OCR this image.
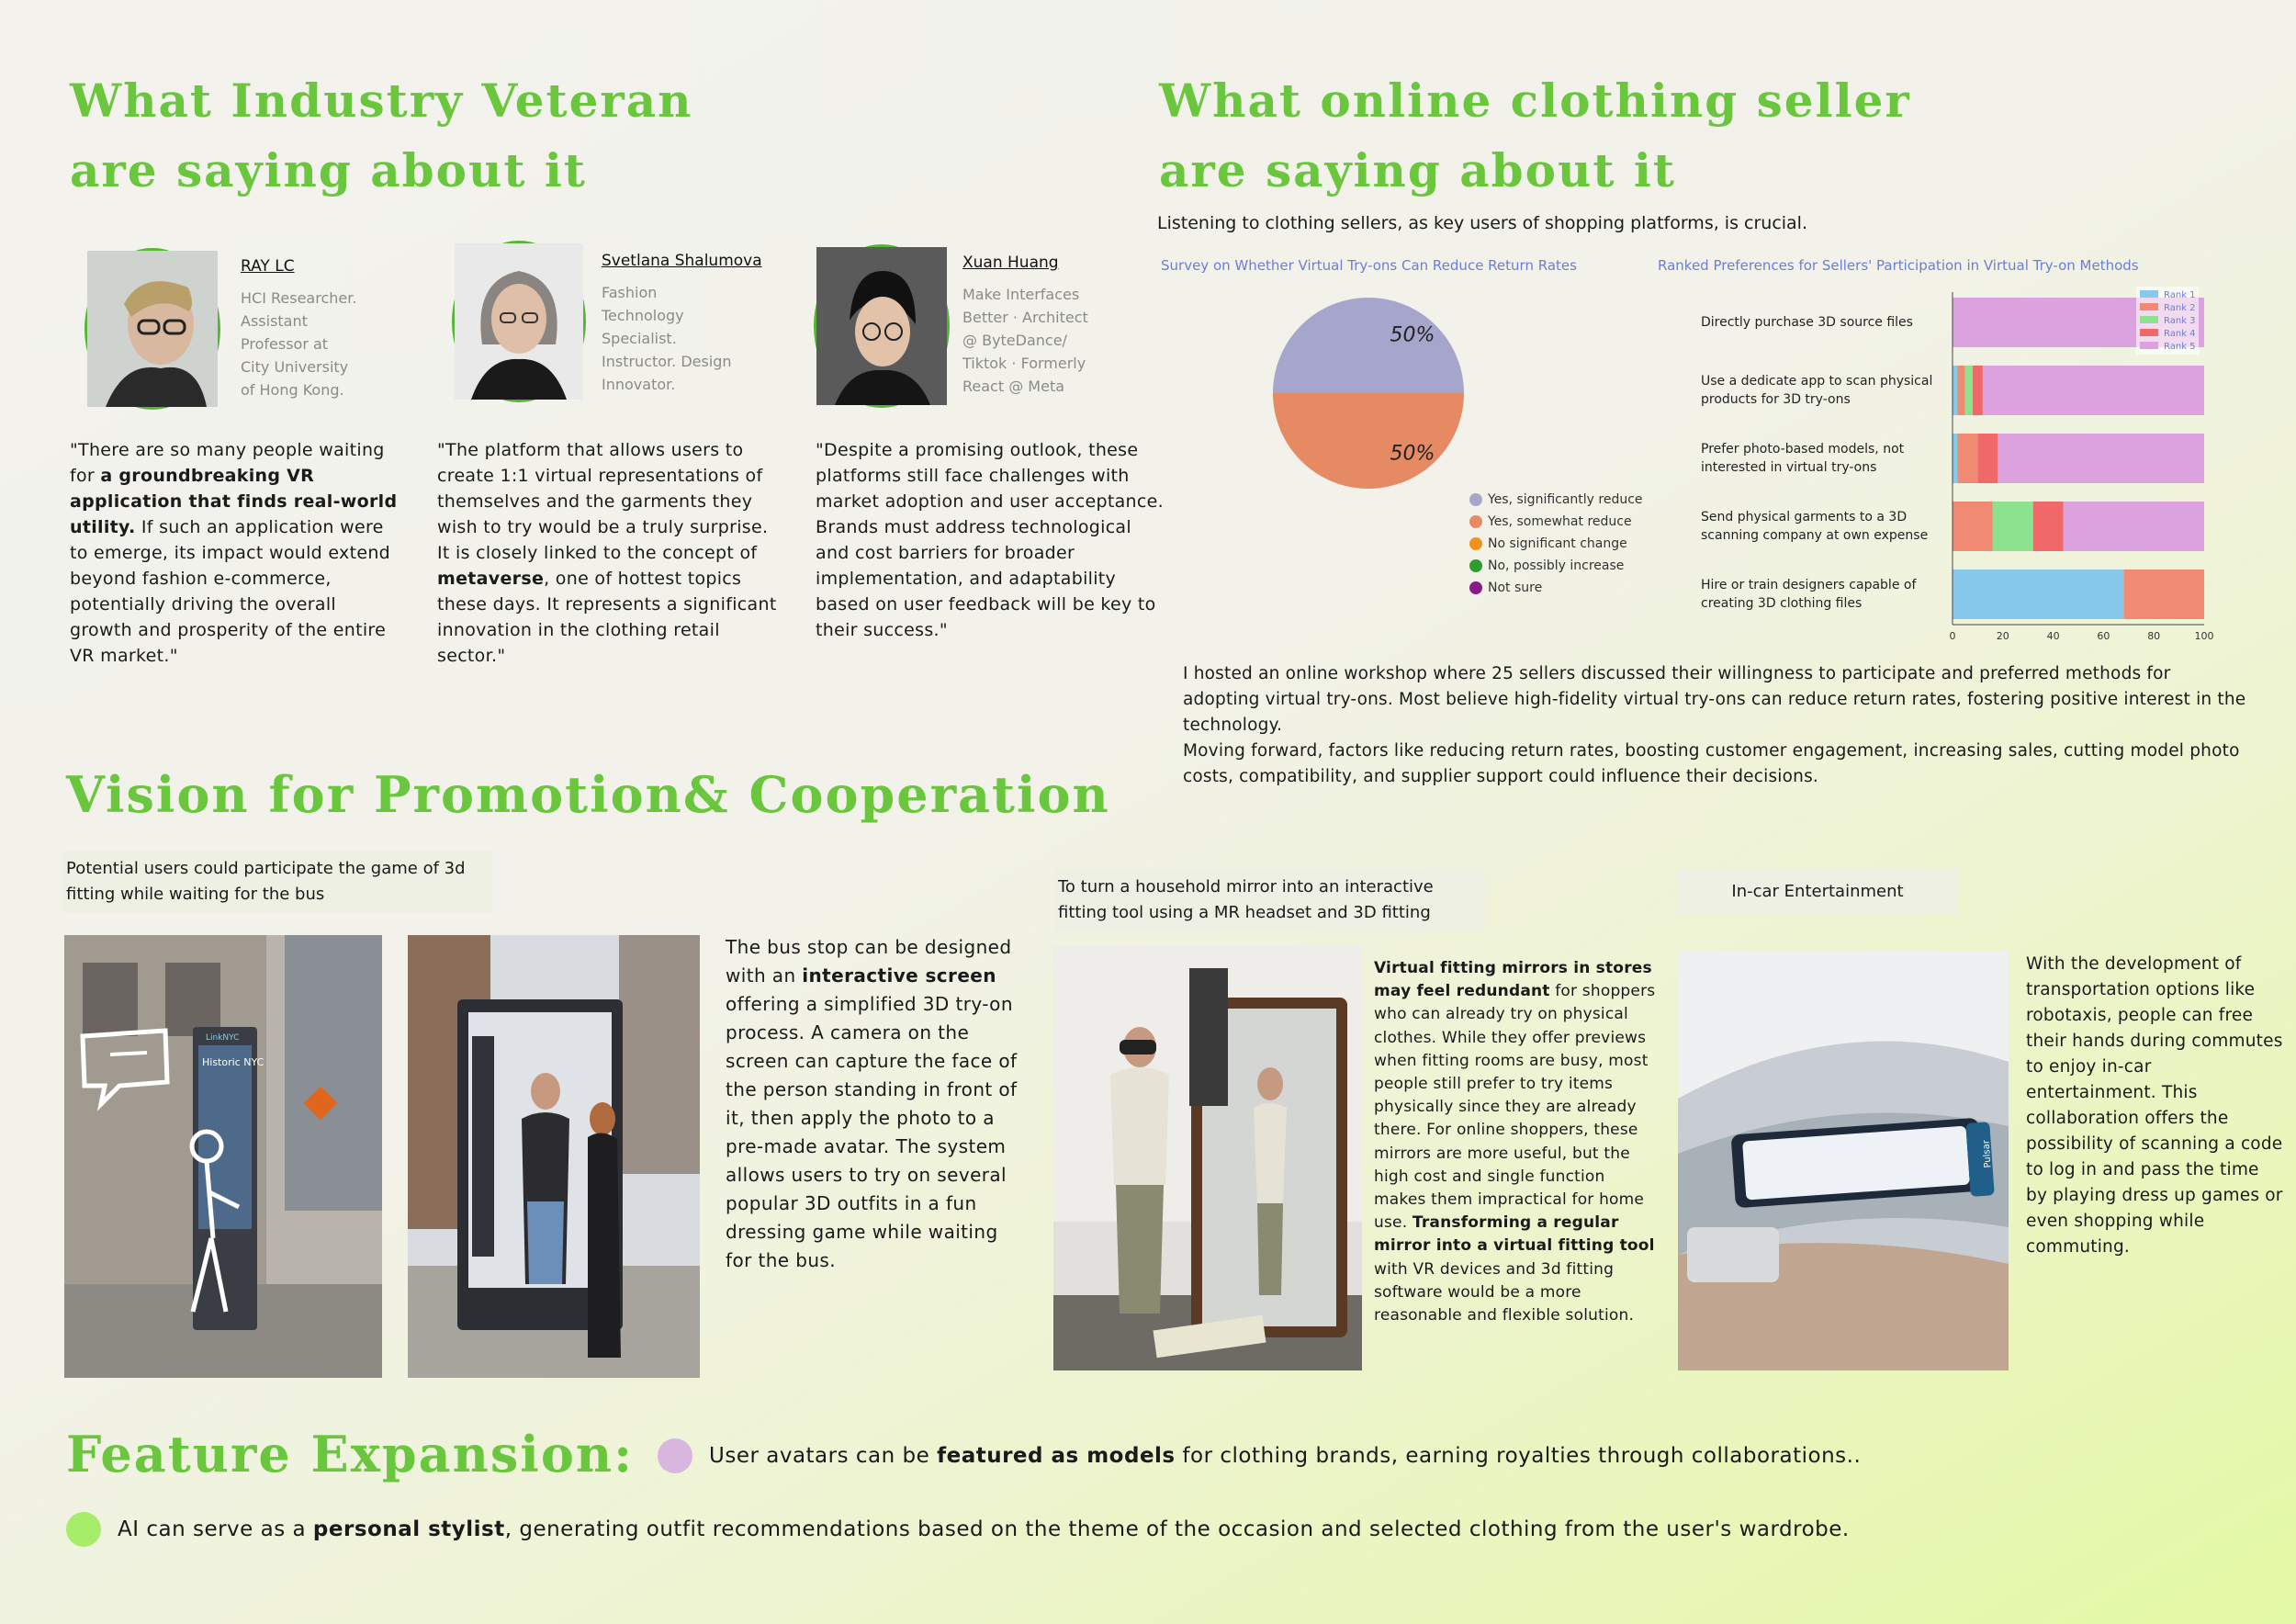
What Industry Veteran

are saying about it

What online clothing seller

are saying about it

RAY LC
HCI Researcher.
Assistant
Professor at
City University
of Hong Kong.
"There are so many people waiting for a groundbreaking VR application that finds real-world utility. If such an application were to emerge, its impact would extend beyond fashion e-commerce, potentially driving the overall growth and prosperity of the entire VR market."
Svetlana Shalumova
Fashion
Technology
Specialist.
Instructor. Design
Innovator.
"The platform that allows users to create 1:1 virtual representations of themselves and the garments they wish to try would be a truly surprise. It is closely linked to the concept of metaverse, one of hottest topics these days. It represents a significant innovation in the clothing retail sector."
Xuan Huang
Make Interfaces
Better · Architect
@ ByteDance/
Tiktok · Formerly
React @ Meta
"Despite a promising outlook, these platforms still face challenges with market adoption and user acceptance. Brands must address technological and cost barriers for broader implementation, and adaptability based on user feedback will be key to their success."
Listening to clothing sellers, as key users of shopping platforms, is crucial.
Survey on Whether Virtual Try-ons Can Reduce Return Rates
50%
50%
Yes, significantly reduce
Yes, somewhat reduce
No significant change
No, possibly increase
Not sure
Ranked Preferences for Sellers' Participation in Virtual Try-on Methods
Directly purchase 3D source files
Use a dedicate app to scan physical products for 3D try-ons
Prefer photo-based models, not interested in virtual try-ons
Send physical garments to a 3D scanning company at own expense
Hire or train designers capable of creating 3D clothing files
0	20	40	60	80	100
Rank 1
Rank 2
Rank 3
Rank 4
Rank 5
I hosted an online workshop where 25 sellers discussed their willingness to participate and preferred methods for adopting virtual try-ons. Most believe high-fidelity virtual try-ons can reduce return rates, fostering positive interest in the technology.
Moving forward, factors like reducing return rates, boosting customer engagement, increasing sales, cutting model photo costs, compatibility, and supplier support could influence their decisions.

Vision for Promotion& Cooperation

Potential users could participate the game of 3d fitting while waiting for the bus
Historic NYC
LinkNYC
The bus stop can be designed with an interactive screen offering a simplified 3D try-on process. A camera on the screen can capture the face of the person standing in front of it, then apply the photo to a pre-made avatar. The system allows users to try on several popular 3D outfits in a fun dressing game while waiting for the bus.
To turn a household mirror into an interactive fitting tool using a MR headset and 3D fitting
Virtual fitting mirrors in stores may feel redundant for shoppers who can already try on physical clothes. While they offer previews when fitting rooms are busy, most people still prefer to try items physically since they are already there. For online shoppers, these mirrors are more useful, but the high cost and single function makes them impractical for home use. Transforming a regular mirror into a virtual fitting tool with VR devices and 3d fitting software would be a more reasonable and flexible solution.
In-car Entertainment
Pulsar
With the development of transportation options like robotaxis, people can free their hands during commutes to enjoy in-car entertainment. This collaboration offers the possibility of scanning a code to log in and pass the time by playing dress up games or even shopping while commuting.

Feature Expansion:	User avatars can be featured as models for clothing brands, earning royalties through collaborations..
AI can serve as a personal stylist, generating outfit recommendations based on the theme of the occasion and selected clothing from the user's wardrobe.
